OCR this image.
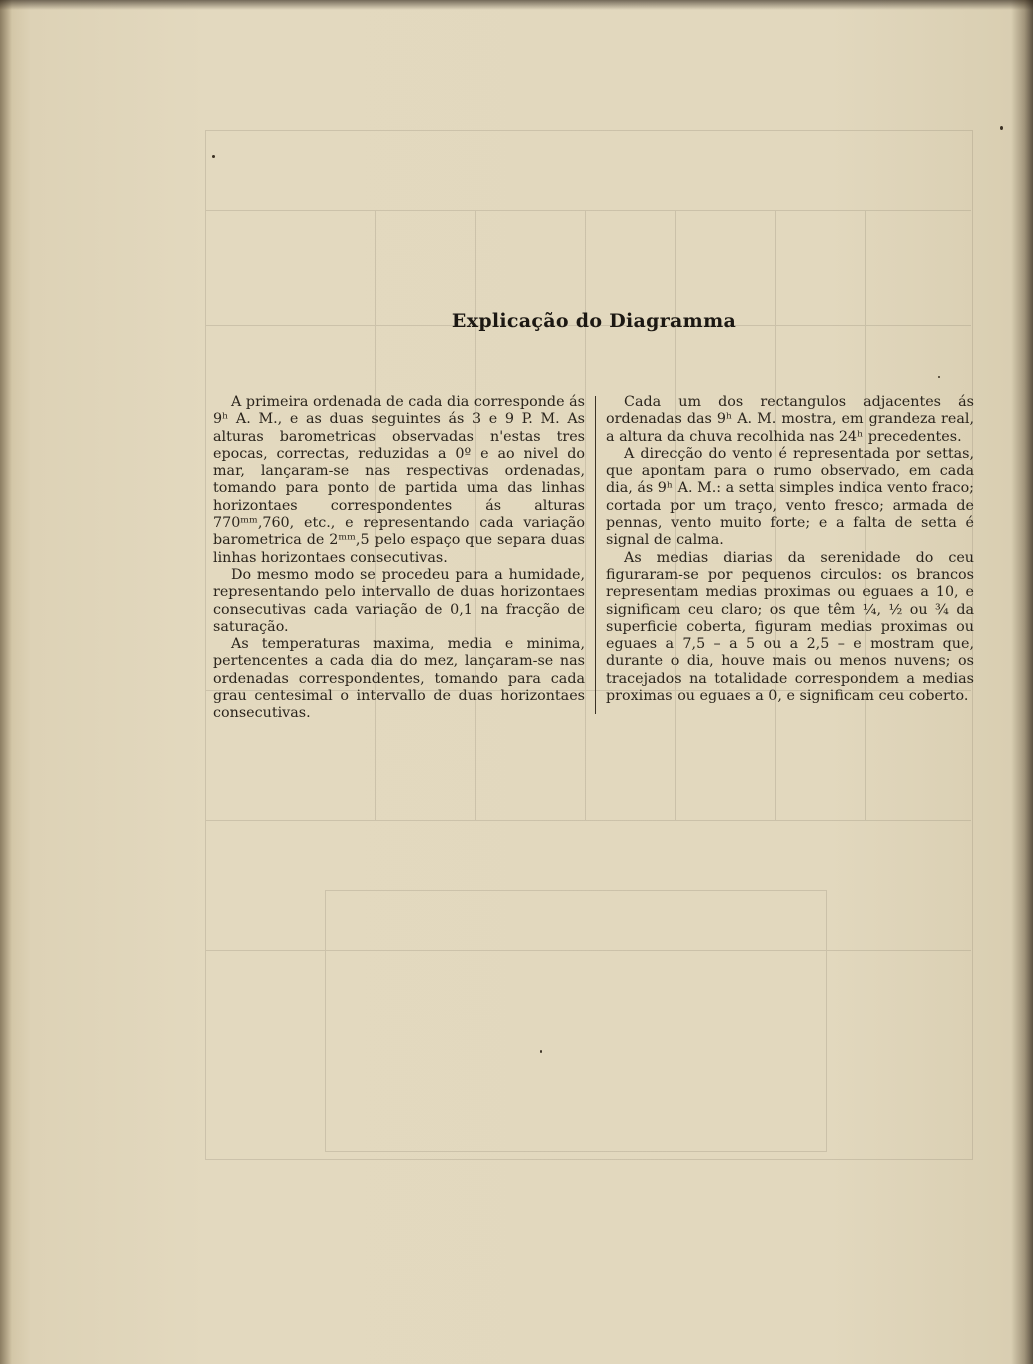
Explicação do Diagramma

A primeira ordenada de cada dia corresponde ás 9ʰ A. M., e as duas seguintes ás 3 e 9 P. M. As alturas barometricas observadas n'estas tres epocas, correctas, reduzidas a 0º e ao nivel do mar, lançaram-se nas respectivas ordenadas, tomando para ponto de partida uma das linhas horizontaes correspondentes ás alturas 770ᵐᵐ,760, etc., e representando cada variação barometrica de 2ᵐᵐ,5 pelo espaço que separa duas linhas horizontaes consecutivas.

Do mesmo modo se procedeu para a humidade, representando pelo intervallo de duas horizontaes consecutivas cada variação de 0,1 na fracção de saturação.

As temperaturas maxima, media e minima, pertencentes a cada dia do mez, lançaram-se nas ordenadas correspondentes, tomando para cada grau centesimal o intervallo de duas horizontaes consecutivas.

Cada um dos rectangulos adjacentes ás ordenadas das 9ʰ A. M. mostra, em grandeza real, a altura da chuva recolhida nas 24ʰ precedentes.

A direcção do vento é representada por settas, que apontam para o rumo observado, em cada dia, ás 9ʰ A. M.: a setta simples indica vento fraco; cortada por um traço, vento fresco; armada de pennas, vento muito forte; e a falta de setta é signal de calma.

As medias diarias da serenidade do ceu figuraram-se por pequenos circulos: os brancos representam medias proximas ou eguaes a 10, e significam ceu claro; os que têm ¼, ½ ou ¾ da superficie coberta, figuram medias proximas ou eguaes a 7,5 – a 5 ou a 2,5 – e mostram que, durante o dia, houve mais ou menos nuvens; os tracejados na totalidade correspondem a medias proximas ou eguaes a 0, e significam ceu coberto.
